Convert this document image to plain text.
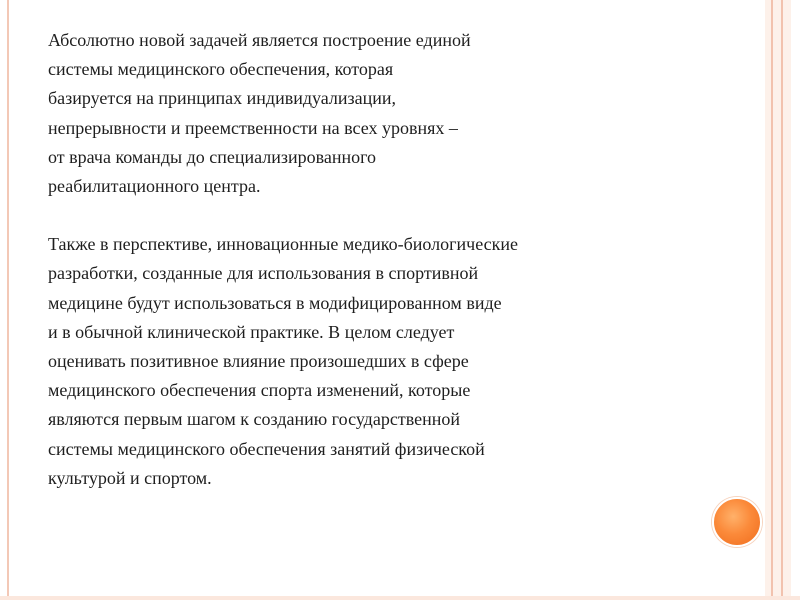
Абсолютно новой задачей является построение единой
системы медицинского обеспечения, которая
базируется на принципах индивидуализации,
непрерывности и преемственности на всех уровнях –
от врача команды до специализированного
реабилитационного центра.
Также в перспективе, инновационные медико-биологические
разработки, созданные для использования в спортивной
медицине будут использоваться в модифицированном виде
и в обычной клинической практике. В целом следует
оценивать позитивное влияние произошедших в сфере
медицинского обеспечения спорта изменений, которые
являются первым шагом к созданию государственной
системы медицинского обеспечения занятий физической
культурой и спортом.
